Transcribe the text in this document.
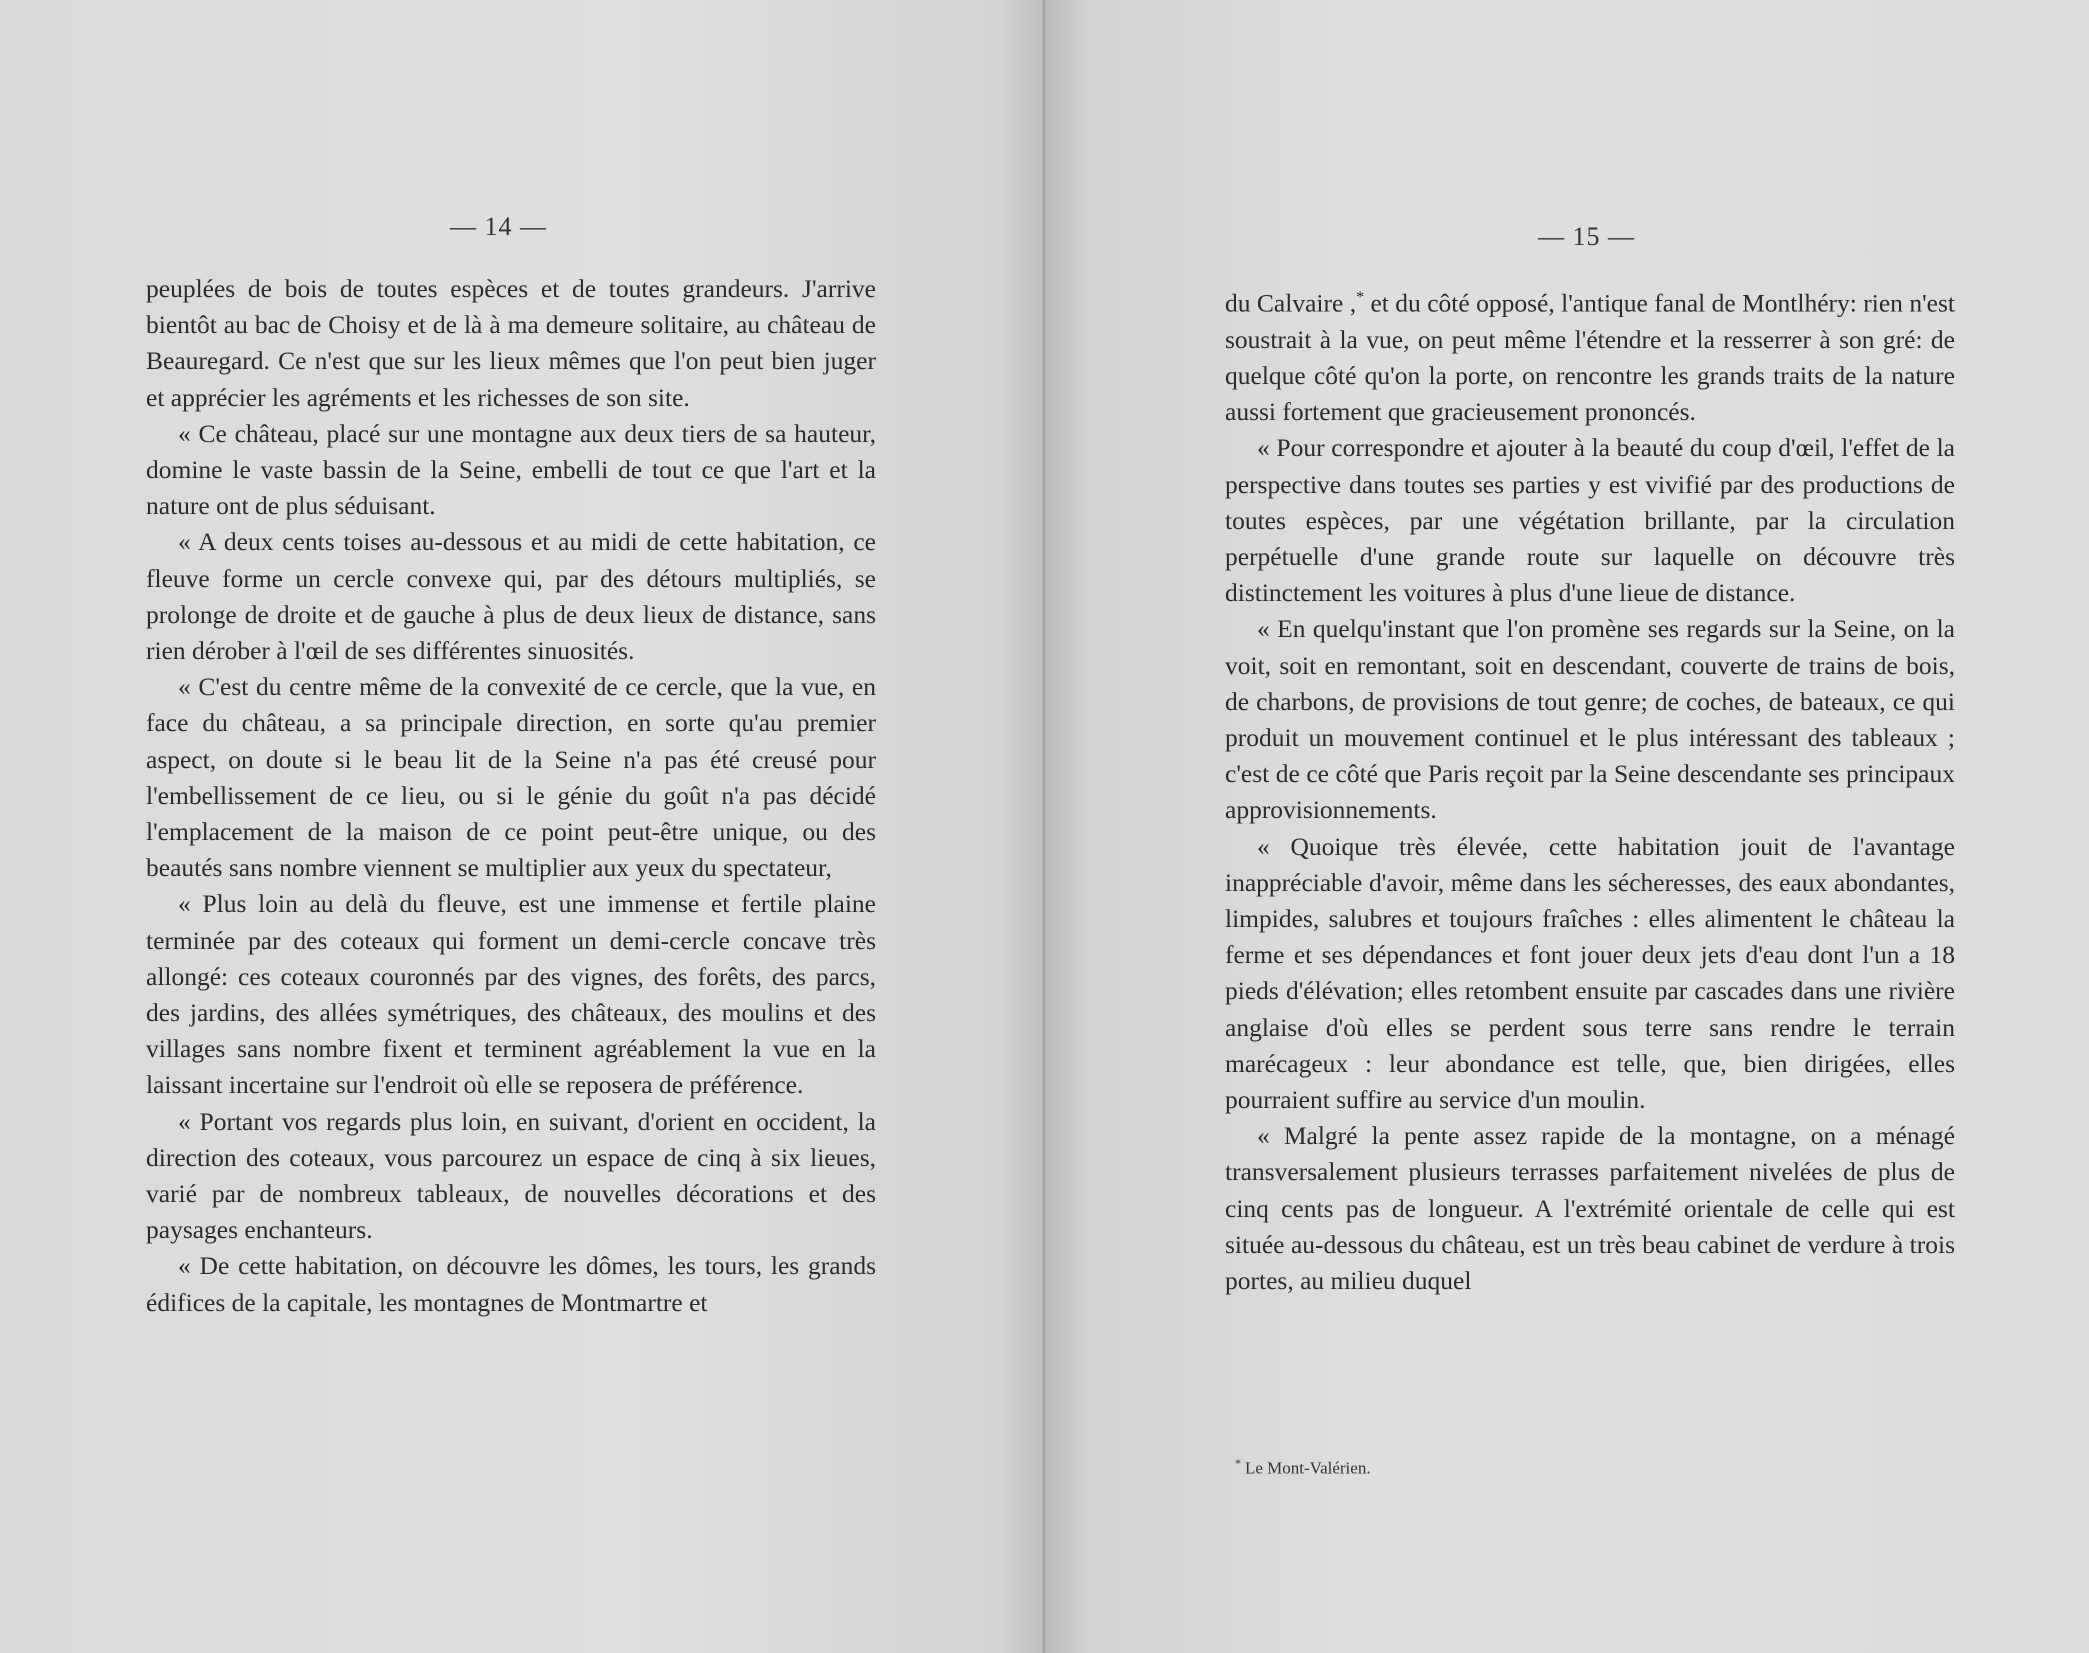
— 14 —

peuplées de bois de toutes espèces et de toutes grandeurs. J'arrive bientôt au bac de Choisy et de là à ma demeure solitaire, au château de Beauregard. Ce n'est que sur les lieux mêmes que l'on peut bien juger et apprécier les agréments et les richesses de son site.

« Ce château, placé sur une montagne aux deux tiers de sa hauteur, domine le vaste bassin de la Seine, embelli de tout ce que l'art et la nature ont de plus séduisant.

« A deux cents toises au-dessous et au midi de cette habitation, ce fleuve forme un cercle convexe qui, par des détours multipliés, se prolonge de droite et de gauche à plus de deux lieux de distance, sans rien dérober à l'œil de ses différentes sinuosités.

« C'est du centre même de la convexité de ce cercle, que la vue, en face du château, a sa principale direction, en sorte qu'au premier aspect, on doute si le beau lit de la Seine n'a pas été creusé pour l'embellissement de ce lieu, ou si le génie du goût n'a pas décidé l'emplacement de la maison de ce point peut-être unique, ou des beautés sans nombre viennent se multiplier aux yeux du spectateur,

« Plus loin au delà du fleuve, est une immense et fertile plaine terminée par des coteaux qui forment un demi-cercle concave très allongé: ces coteaux couronnés par des vignes, des forêts, des parcs, des jardins, des allées symétriques, des châteaux, des moulins et des villages sans nombre fixent et terminent agréablement la vue en la laissant incertaine sur l'endroit où elle se reposera de préférence.

« Portant vos regards plus loin, en suivant, d'orient en occident, la direction des coteaux, vous parcourez un espace de cinq à six lieues, varié par de nombreux tableaux, de nouvelles décorations et des paysages enchanteurs.

« De cette habitation, on découvre les dômes, les tours, les grands édifices de la capitale, les montagnes de Montmartre et

— 15 —

du Calvaire ,* et du côté opposé, l'antique fanal de Montlhéry: rien n'est soustrait à la vue, on peut même l'étendre et la resserrer à son gré: de quelque côté qu'on la porte, on rencontre les grands traits de la nature aussi fortement que gracieusement prononcés.

« Pour correspondre et ajouter à la beauté du coup d'œil, l'effet de la perspective dans toutes ses parties y est vivifié par des productions de toutes espèces, par une végétation brillante, par la circulation perpétuelle d'une grande route sur laquelle on découvre très distinctement les voitures à plus d'une lieue de distance.

« En quelqu'instant que l'on promène ses regards sur la Seine, on la voit, soit en remontant, soit en descendant, couverte de trains de bois, de charbons, de provisions de tout genre; de coches, de bateaux, ce qui produit un mouvement continuel et le plus intéressant des tableaux ; c'est de ce côté que Paris reçoit par la Seine descendante ses principaux approvisionnements.

« Quoique très élevée, cette habitation jouit de l'avantage inappréciable d'avoir, même dans les sécheresses, des eaux abondantes, limpides, salubres et toujours fraîches : elles alimentent le château la ferme et ses dépendances et font jouer deux jets d'eau dont l'un a 18 pieds d'élévation; elles retombent ensuite par cascades dans une rivière anglaise d'où elles se perdent sous terre sans rendre le terrain marécageux : leur abondance est telle, que, bien dirigées, elles pourraient suffire au service d'un moulin.

« Malgré la pente assez rapide de la montagne, on a ménagé transversalement plusieurs terrasses parfaitement nivelées de plus de cinq cents pas de longueur. A l'extrémité orientale de celle qui est située au-dessous du château, est un très beau cabinet de verdure à trois portes, au milieu duquel

* Le Mont-Valérien.
